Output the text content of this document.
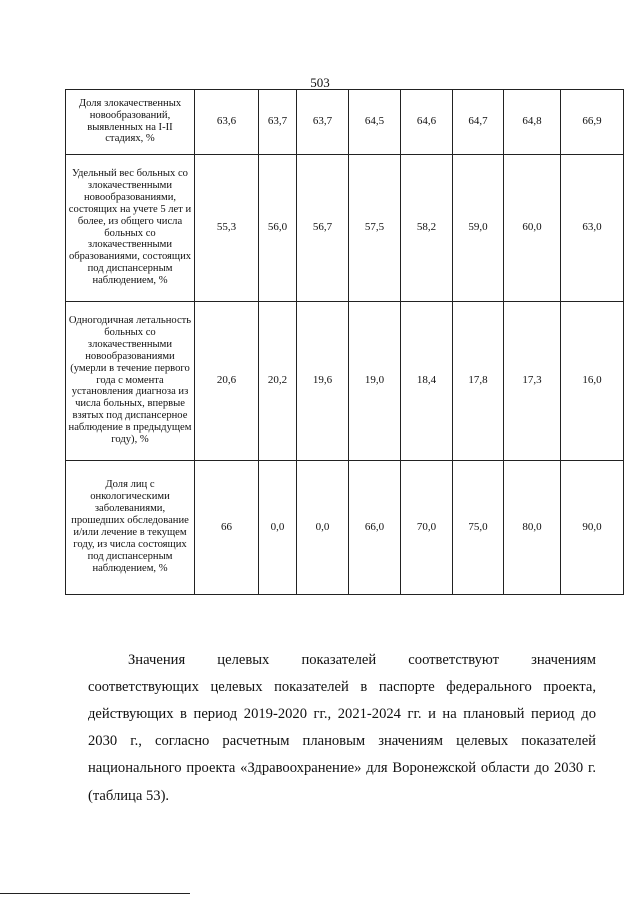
503
Доля злокачественных новообразований, выявленных на I-II стадиях, %	63,6	63,7	63,7	64,5	64,6	64,7	64,8	66,9
Удельный вес больных со злокачественными новообразованиями, состоящих на учете 5 лет и более, из общего числа больных со злокачественными образованиями, состоящих под диспансерным наблюдением, %	55,3	56,0	56,7	57,5	58,2	59,0	60,0	63,0
Одногодичная летальность больных со злокачественными новообразованиями (умерли в течение первого года с момента установления диагноза из числа больных, впервые взятых под диспансерное наблюдение в предыдущем году), %	20,6	20,2	19,6	19,0	18,4	17,8	17,3	16,0
Доля лиц с онкологическими заболеваниями, прошедших обследование и/или лечение в текущем году, из числа состоящих под диспансерным наблюдением, %	66	0,0	0,0	66,0	70,0	75,0	80,0	90,0

Значения целевых показателей соответствуют значениям соответствующих целевых показателей в паспорте федерального проекта, действующих в период 2019-2020 гг., 2021-2024 гг. и на плановый период до 2030 г., согласно расчетным плановым значениям целевых показателей национального проекта «Здравоохранение» для Воронежской области до 2030 г. (таблица 53).
